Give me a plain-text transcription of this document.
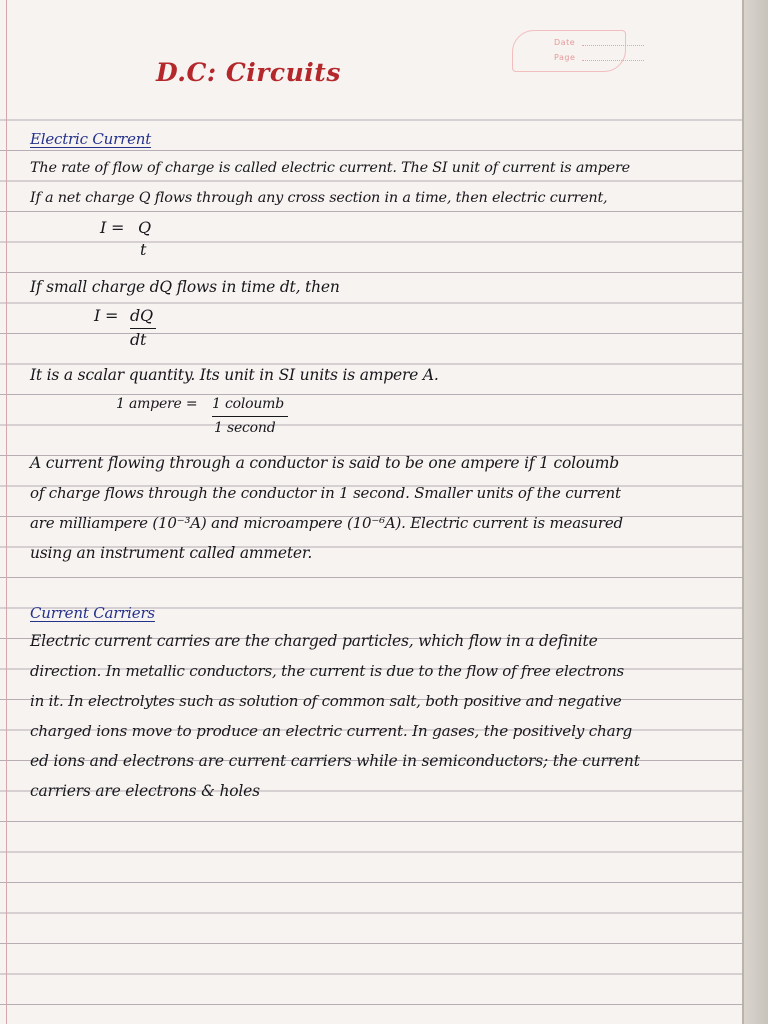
Date
Page
D.C: Circuits

Electric Current

The rate of flow of charge is called electric current. The SI unit of current is ampere

If a net charge Q flows through any cross section in a time, then electric current,

I = Q
t

If small charge dQ flows in time dt, then

I = dQ
dt

It is a scalar quantity. Its unit in SI units is ampere A.

1 ampere = 1 coloumb
1 second

A current flowing through a conductor is said to be one ampere if 1 coloumb

of charge flows through the conductor in 1 second. Smaller units of the current

are milliampere (10⁻³A) and microampere (10⁻⁶A). Electric current is measured

using an instrument called ammeter.

Current Carriers

Electric current carries are the charged particles, which flow in a definite

direction. In metallic conductors, the current is due to the flow of free electrons

in it. In electrolytes such as solution of common salt, both positive and negative

charged ions move to produce an electric current. In gases, the positively charg

ed ions and electrons are current carriers while in semiconductors; the current

carriers are electrons & holes
